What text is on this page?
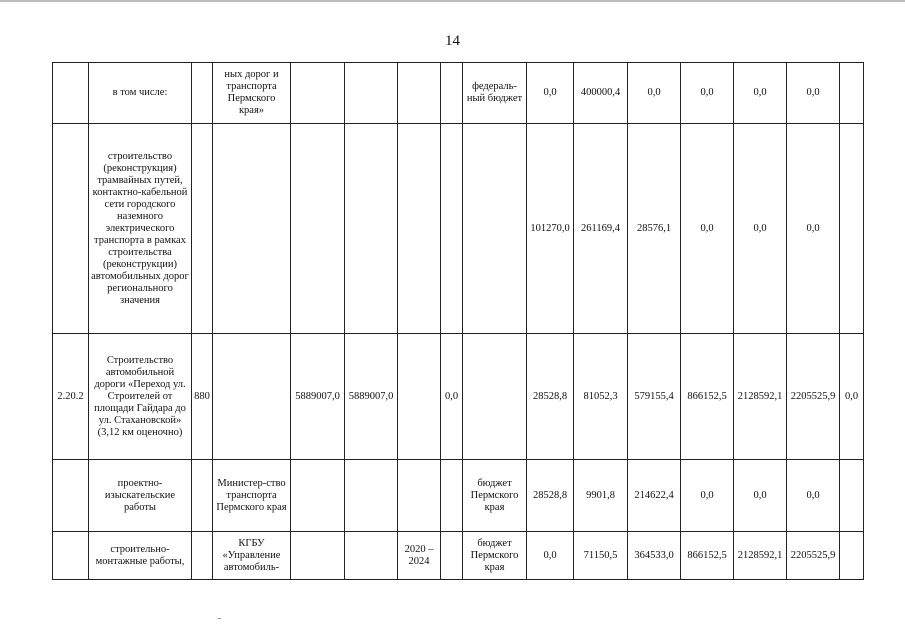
14
	в том числе:		ных дорог и транспорта Пермского края»					федераль-ный бюджет	0,0	400000,4	0,0	0,0	0,0	0,0	
	строительство (реконструкция) трамвайных путей, контактно-кабельной сети городского наземного электрического транспорта в рамках строительства (реконструкции) автомобильных дорог регионального значения								101270,0	261169,4	28576,1	0,0	0,0	0,0	
2.20.2	Строительство автомобильной дороги «Переход ул. Строителей от площади Гайдара до ул. Стахановской» (3,12 км оценочно)	880		5889007,0	5889007,0		0,0		28528,8	81052,3	579155,4	866152,5	2128592,1	2205525,9	0,0
	проектно-изыскательские работы		Министер-ство транспорта Пермского края					бюджет Пермского края	28528,8	9901,8	214622,4	0,0	0,0	0,0	
	строительно-монтажные работы,		КГБУ «Управление автомобиль-			2020 – 2024		бюджет Пермского края	0,0	71150,5	364533,0	866152,5	2128592,1	2205525,9	
